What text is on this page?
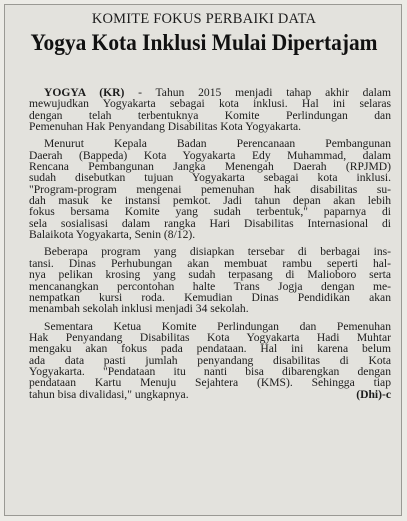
KOMITE FOKUS PERBAIKI DATA
Yogya Kota Inklusi Mulai Dipertajam
YOGYA (KR) - Tahun 2015 menjadi tahap akhir dalam
mewujudkan Yogyakarta sebagai kota inklusi. Hal ini selaras
dengan telah terbentuknya Komite Perlindungan dan
Pemenuhan Hak Penyandang Disabilitas Kota Yogyakarta.
Menurut Kepala Badan Perencanaan Pembangunan
Daerah (Bappeda) Kota Yogyakarta Edy Muhammad, dalam
Rencana Pembangunan Jangka Menengah Daerah (RPJMD)
sudah disebutkan tujuan Yogyakarta sebagai kota inklusi.
"Program-program mengenai pemenuhan hak disabilitas su-
dah masuk ke instansi pemkot. Jadi tahun depan akan lebih
fokus bersama Komite yang sudah terbentuk," paparnya di
sela sosialisasi dalam rangka Hari Disabilitas Internasional di
Balaikota Yogyakarta, Senin (8/12).
Beberapa program yang disiapkan tersebar di berbagai ins-
tansi. Dinas Perhubungan akan membuat rambu seperti hal-
nya pelikan krosing yang sudah terpasang di Malioboro serta
mencanangkan percontohan halte Trans Jogja dengan me-
nempatkan kursi roda. Kemudian Dinas Pendidikan akan
menambah sekolah inklusi menjadi 34 sekolah.
Sementara Ketua Komite Perlindungan dan Pemenuhan
Hak Penyandang Disabilitas Kota Yogyakarta Hadi Muhtar
mengaku akan fokus pada pendataan. Hal ini karena belum
ada data pasti jumlah penyandang disabilitas di Kota
Yogyakarta. "Pendataan itu nanti bisa dibarengkan dengan
pendataan Kartu Menuju Sejahtera (KMS). Sehingga tiap
tahun bisa divalidasi," ungkapnya.	(Dhi)-c
